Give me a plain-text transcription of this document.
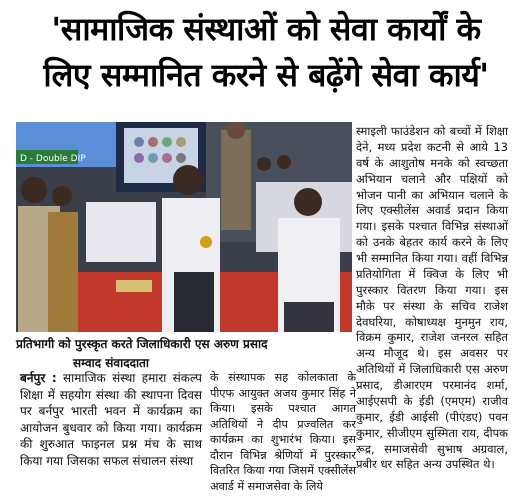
'सामाजिक संस्थाओं को सेवा कार्यों के
लिए सम्मानित करने से बढ़ेंगे सेवा कार्य'
D - Double DIP
प्रतिभागी को पुरस्कृत करते जिलाधिकारी एस अरुण प्रसाद
सम्वाद संवाददाता
बर्नपुर : सामाजिक संस्था हमारा संकल्प शिक्षा में सहयोग संस्था की स्थापना दिवस पर बर्नपुर भारती भवन में कार्यक्रम का आयोजन बुधवार को किया गया। कार्यक्रम की शुरुआत फाइनल प्रश्न मंच के साथ किया गया जिसका सफल संचालन संस्था
के संस्थापक सह कोलकाता के पीएफ आयुक्त अजय कुमार सिंह ने किया। इसके पश्चात आगत अतिथियों ने दीप प्रज्वलित कर कार्यक्रम का शुभारंभ किया। इस दौरान विभिन्न श्रेणियों में पुरस्कार वितरित किया गया जिसमें एक्सीलेंस अवार्ड में समाजसेवा के लिये
स्माइली फाउंडेशन को बच्चों में शिक्षा देने, मध्य प्रदेश कटनी से आये 13 वर्ष के आशुतोष मनके को स्वच्छता अभियान चलाने और पक्षियों को भोजन पानी का अभियान चलाने के लिए एक्सीलेंस अवार्ड प्रदान किया गया। इसके पश्चात विभिन्न संस्थाओं को उनके बेहतर कार्य करने के लिए भी सम्मानित किया गया। वहीं विभिन्न प्रतियोगिता में क्विज के लिए भी पुरस्कार वितरण किया गया। इस मौके पर संस्था के सचिव राजेश देवघरिया, कोषाध्यक्ष मुनमुन राय, विक्रम कुमार, राजेश जनरल सहित अन्य मौजूद थे। इस अवसर पर अतिथियों में जिलाधिकारी एस अरुण प्रसाद, डीआरएम परमानंद शर्मा, आईएसपी के ईडी (एमएम) राजीव कुमार, ईडी आईसी (पीएंडए) पवन कुमार, सीजीएम सुस्मिता राय, दीपक रूद्र, समाजसेवी सुभाष अग्रवाल, प्रबीर धर सहित अन्य उपस्थित थे।
